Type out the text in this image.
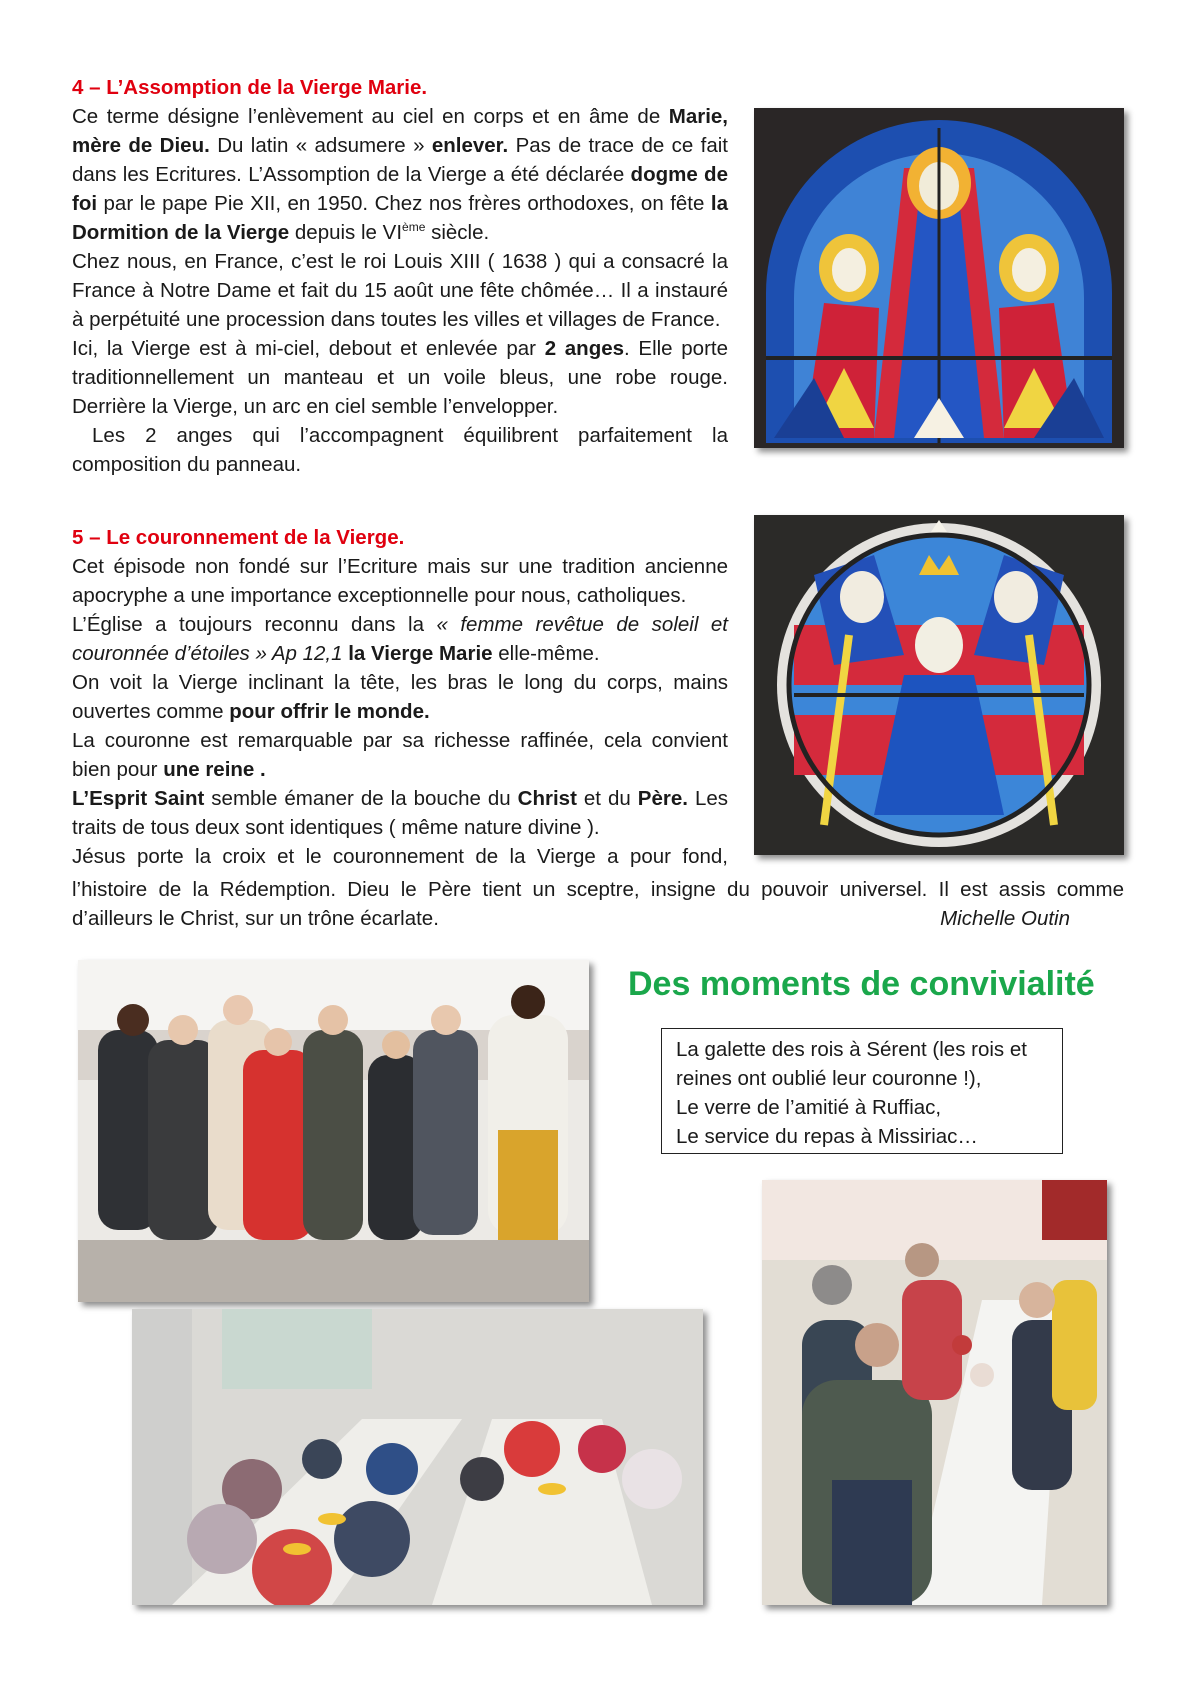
4 – L’Assomption de la Vierge Marie.
Ce terme désigne l’enlèvement au ciel en corps et en âme de Marie, mère de Dieu. Du latin « adsumere » enlever. Pas de trace de ce fait dans les Ecritures. L’Assomption de la Vierge a été déclarée dogme de foi par le pape Pie XII, en 1950. Chez nos frères orthodoxes, on fête la Dormition de la Vierge depuis le VIème siècle.
Chez nous, en France, c’est le roi Louis XIII ( 1638 ) qui a consacré la France à Notre Dame et fait du 15 août une fête chômée… Il a instauré à perpétuité une procession dans toutes les villes et villages de France.
Ici, la Vierge est à mi-ciel, debout et enlevée par 2 anges. Elle porte traditionnellement un manteau et un voile bleus, une robe rouge. Derrière la Vierge, un arc en ciel semble l’envelopper.
Les 2 anges qui l’accompagnent équilibrent parfaitement la composition du panneau.
5 – Le couronnement de la Vierge.
Cet épisode non fondé sur l’Ecriture mais sur une tradition ancienne apocryphe a une importance exceptionnelle pour nous, catholiques.
L’Église a toujours reconnu dans la « femme revêtue de soleil et couronnée d’étoiles » Ap 12,1 la Vierge Marie elle-même.
On voit la Vierge inclinant la tête, les bras le long du corps, mains ouvertes comme pour offrir le monde.
La couronne est remarquable par sa richesse raffinée, cela convient bien pour une reine .
L’Esprit Saint semble émaner de la bouche du Christ et du Père. Les traits de tous deux sont identiques ( même nature divine ).
Jésus porte la croix et le couronnement de la Vierge a pour fond,
l’histoire de la Rédemption. Dieu le Père tient un sceptre, insigne du pouvoir universel. Il est assis comme
d’ailleurs le Christ, sur un trône écarlate.	Michelle Outin
Des moments de convivialité
La galette des rois à Sérent (les rois et
reines ont oublié leur couronne !),
Le verre de l’amitié à Ruffiac,
Le service du repas à Missiriac…
